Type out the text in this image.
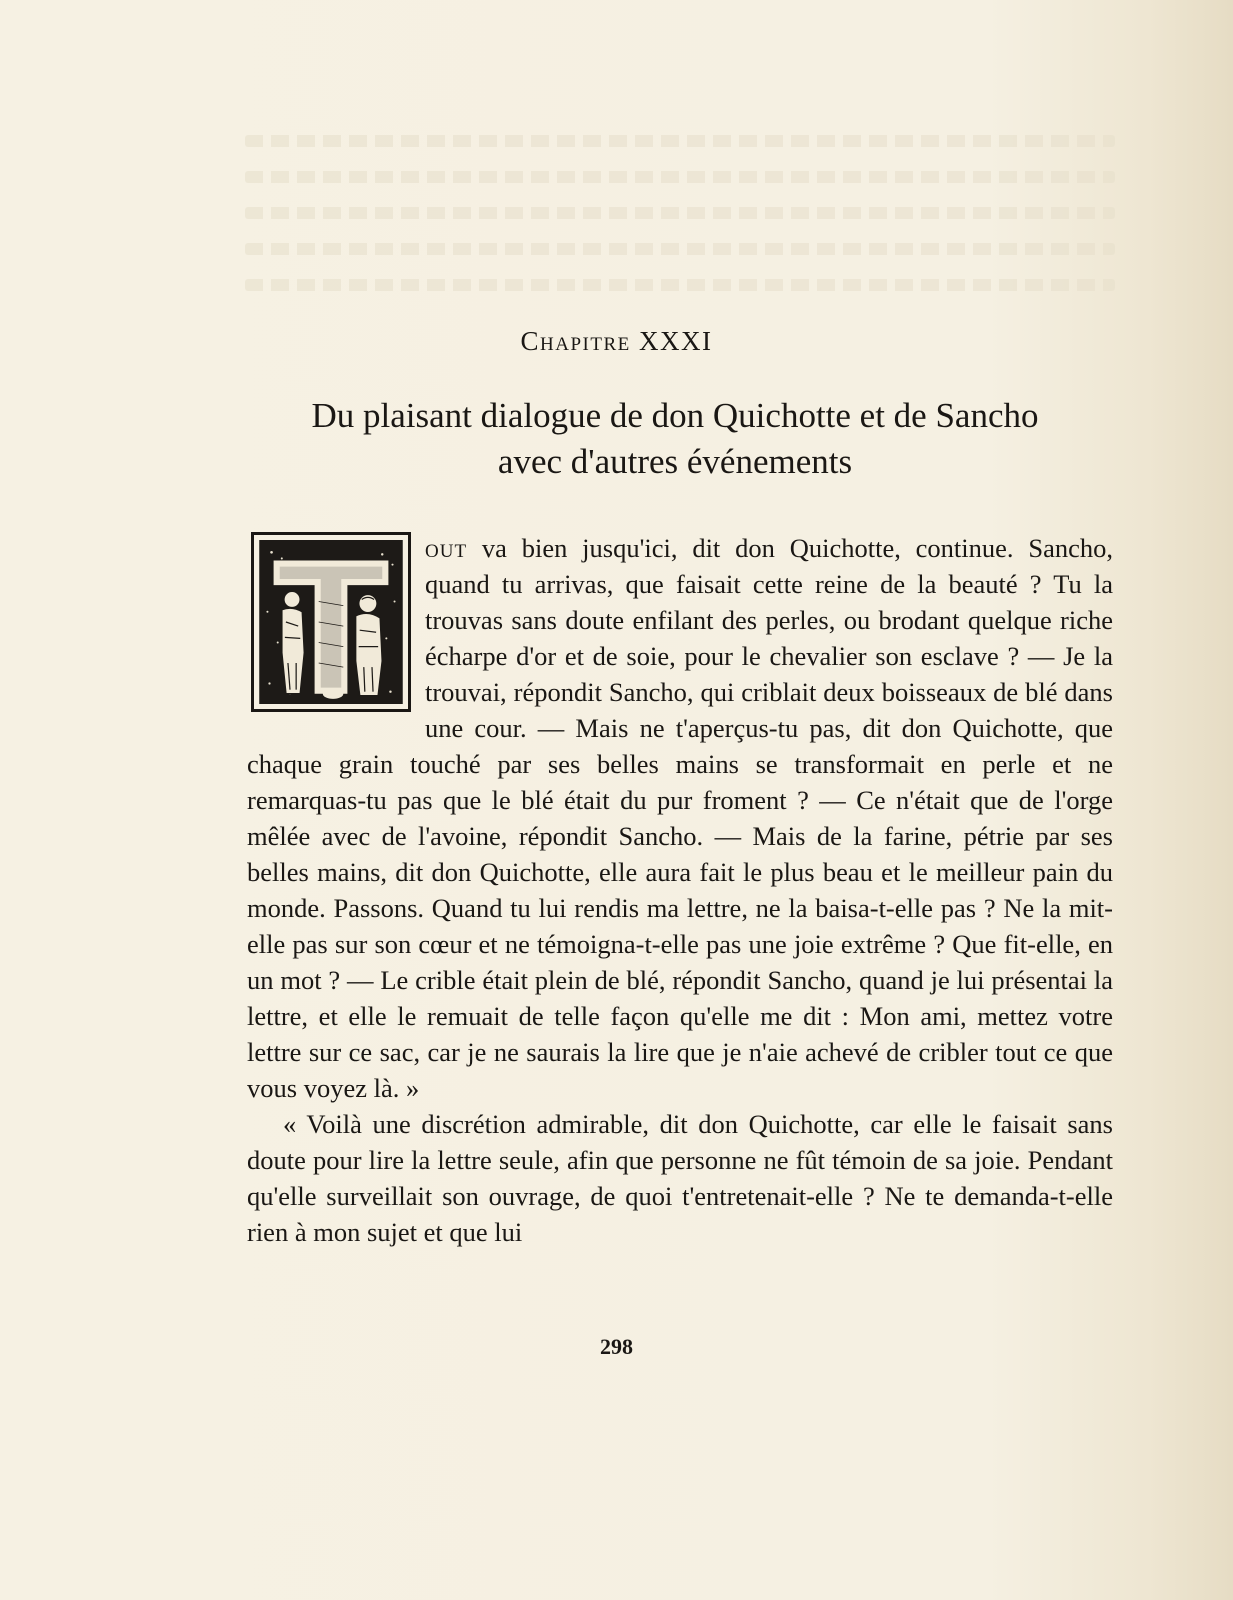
Chapitre XXXI
Du plaisant dialogue de don Quichotte et de Sancho
avec d'autres événements

out va bien jusqu'ici, dit don Quichotte, continue. Sancho, quand tu arrivas, que faisait cette reine de la beauté ? Tu la trouvas sans doute enfilant des perles, ou brodant quelque riche écharpe d'or et de soie, pour le chevalier son esclave ? — Je la trouvai, répondit Sancho, qui criblait deux boisseaux de blé dans une cour. — Mais ne t'aperçus-tu pas, dit don Quichotte, que chaque grain touché par ses belles mains se transformait en perle et ne remarquas-tu pas que le blé était du pur froment ? — Ce n'était que de l'orge mêlée avec de l'avoine, répondit Sancho. — Mais de la farine, pétrie par ses belles mains, dit don Quichotte, elle aura fait le plus beau et le meilleur pain du monde. Passons. Quand tu lui rendis ma lettre, ne la baisa-t-elle pas ? Ne la mit-elle pas sur son cœur et ne témoigna-t-elle pas une joie extrême ? Que fit-elle, en un mot ? — Le crible était plein de blé, répondit Sancho, quand je lui présentai la lettre, et elle le remuait de telle façon qu'elle me dit : Mon ami, mettez votre lettre sur ce sac, car je ne saurais la lire que je n'aie achevé de cribler tout ce que vous voyez là. »

« Voilà une discrétion admirable, dit don Quichotte, car elle le faisait sans doute pour lire la lettre seule, afin que personne ne fût témoin de sa joie. Pendant qu'elle surveillait son ouvrage, de quoi t'entretenait-elle ? Ne te demanda-t-elle rien à mon sujet et que lui

298
